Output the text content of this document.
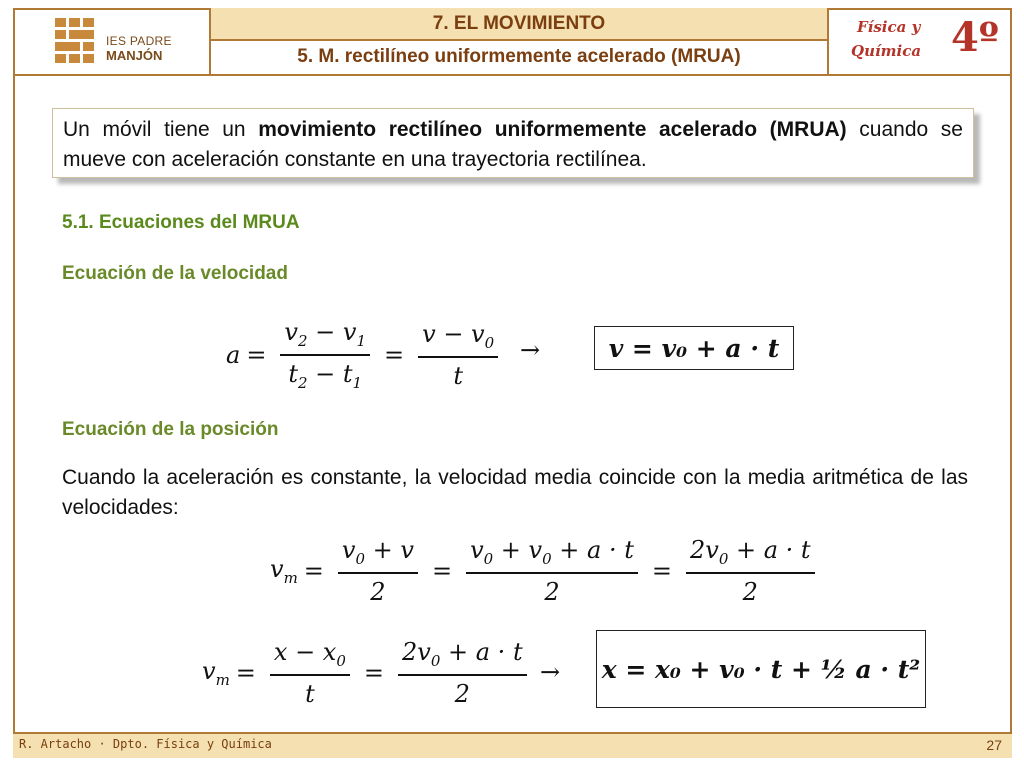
IES PADRE
MANJÓN
7. EL MOVIMIENTO
5. M. rectilíneo uniformemente acelerado (MRUA)
Física y
Química 4º
Un móvil tiene un movimiento rectilíneo uniformemente acelerado (MRUA) cuando se mueve con aceleración constante en una trayectoria rectilínea.
5.1. Ecuaciones del MRUA
Ecuación de la velocidad
$a = \frac{v_2 - v_1}{t_2 - t_1} = \frac{v - v_0}{t}$ →	v = v₀ + a · t
Ecuación de la posición
Cuando la aceleración es constante, la velocidad media coincide con la media aritmética de las velocidades:
$v_m = \frac{v_0 + v}{2} = \frac{v_0 + v_0 + a \cdot t}{2} = \frac{2v_0 + a \cdot t}{2}$
$v_m = \frac{x - x_0}{t} = \frac{2v_0 + a \cdot t}{2} \to x = x_0 + v_0 \cdot t$ + ½ a · t²
R. Artacho · Dpto. Física y Química	27
